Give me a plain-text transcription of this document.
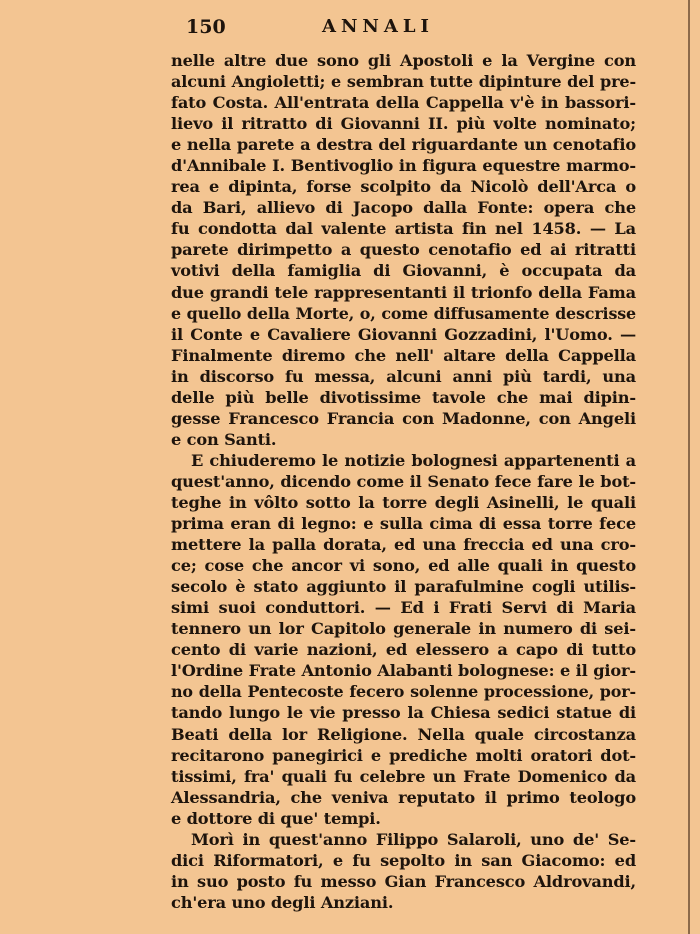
150	ANNALI
nelle altre due sono gli Apostoli e la Vergine con
alcuni Angioletti; e sembran tutte dipinture del pre-
fato Costa. All'entrata della Cappella v'è in bassori-
lievo il ritratto di Giovanni II. più volte nominato;
e nella parete a destra del riguardante un cenotafio
d'Annibale I. Bentivoglio in figura equestre marmo-
rea e dipinta, forse scolpito da Nicolò dell'Arca o
da Bari, allievo di Jacopo dalla Fonte: opera che
fu condotta dal valente artista fin nel 1458. — La
parete dirimpetto a questo cenotafio ed ai ritratti
votivi della famiglia di Giovanni, è occupata da
due grandi tele rappresentanti il trionfo della Fama
e quello della Morte, o, come diffusamente descrisse
il Conte e Cavaliere Giovanni Gozzadini, l'Uomo. —
Finalmente diremo che nell' altare della Cappella
in discorso fu messa, alcuni anni più tardi, una
delle più belle divotissime tavole che mai dipin-
gesse Francesco Francia con Madonne, con Angeli
e con Santi.
E chiuderemo le notizie bolognesi appartenenti a
quest'anno, dicendo come il Senato fece fare le bot-
teghe in vôlto sotto la torre degli Asinelli, le quali
prima eran di legno: e sulla cima di essa torre fece
mettere la palla dorata, ed una freccia ed una cro-
ce; cose che ancor vi sono, ed alle quali in questo
secolo è stato aggiunto il parafulmine cogli utilis-
simi suoi conduttori. — Ed i Frati Servi di Maria
tennero un lor Capitolo generale in numero di sei-
cento di varie nazioni, ed elessero a capo di tutto
l'Ordine Frate Antonio Alabanti bolognese: e il gior-
no della Pentecoste fecero solenne processione, por-
tando lungo le vie presso la Chiesa sedici statue di
Beati della lor Religione. Nella quale circostanza
recitarono panegirici e prediche molti oratori dot-
tissimi, fra' quali fu celebre un Frate Domenico da
Alessandria, che veniva reputato il primo teologo
e dottore di que' tempi.
Morì in quest'anno Filippo Salaroli, uno de' Se-
dici Riformatori, e fu sepolto in san Giacomo: ed
in suo posto fu messo Gian Francesco Aldrovandi,
ch'era uno degli Anziani.
